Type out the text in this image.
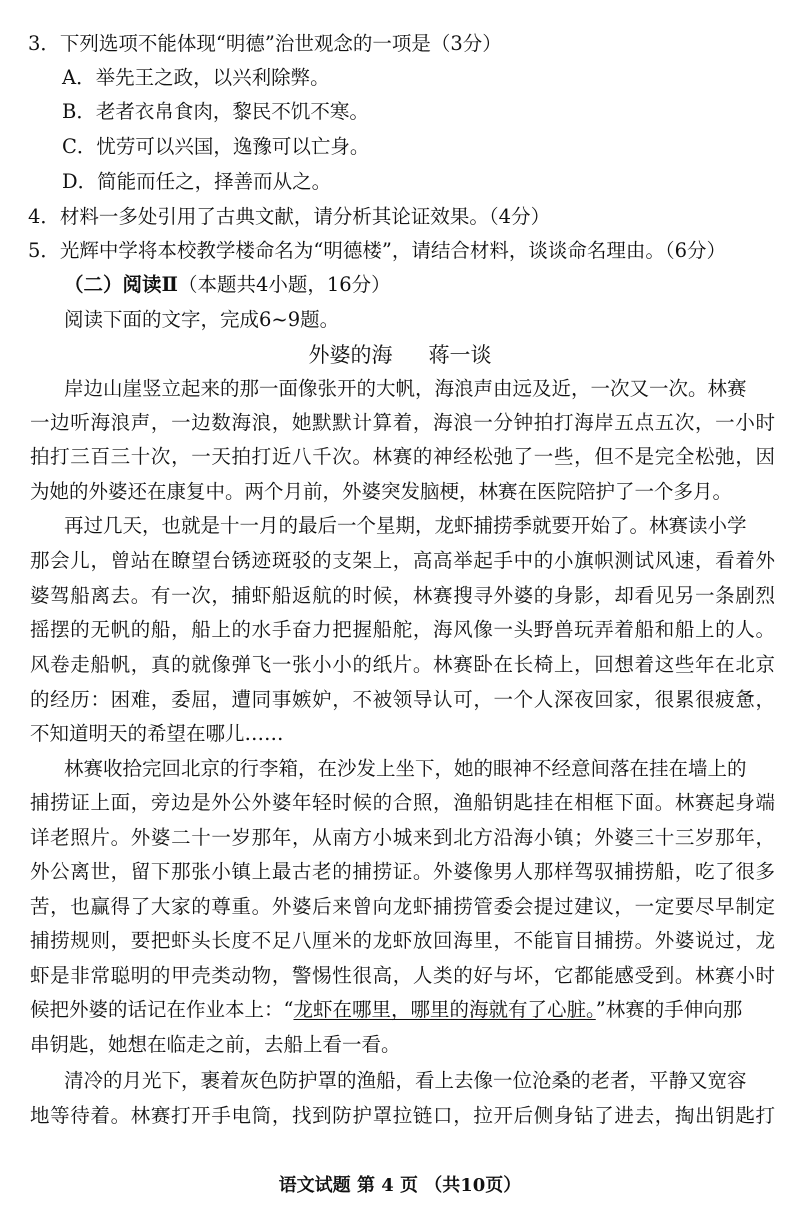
3．下列选项不能体现“明德”治世观念的一项是（3分）
A．举先王之政，以兴利除弊。
B．老者衣帛食肉，黎民不饥不寒。
C．忧劳可以兴国，逸豫可以亡身。
D．简能而任之，择善而从之。
4．材料一多处引用了古典文献，请分析其论证效果。（4分）
5．光辉中学将本校教学楼命名为“明德楼”，请结合材料，谈谈命名理由。（6分）
（二）阅读Ⅱ（本题共4小题，16分）
阅读下面的文字，完成6~9题。
外婆的海 蒋一谈
岸边山崖竖立起来的那一面像张开的大帆，海浪声由远及近，一次又一次。林赛
一边听海浪声，一边数海浪，她默默计算着，海浪一分钟拍打海岸五点五次，一小时
拍打三百三十次，一天拍打近八千次。林赛的神经松弛了一些，但不是完全松弛，因
为她的外婆还在康复中。两个月前，外婆突发脑梗，林赛在医院陪护了一个多月。
再过几天，也就是十一月的最后一个星期，龙虾捕捞季就要开始了。林赛读小学
那会儿，曾站在瞭望台锈迹斑驳的支架上，高高举起手中的小旗帜测试风速，看着外
婆驾船离去。有一次，捕虾船返航的时候，林赛搜寻外婆的身影，却看见另一条剧烈
摇摆的无帆的船，船上的水手奋力把握船舵，海风像一头野兽玩弄着船和船上的人。
风卷走船帆，真的就像弹飞一张小小的纸片。林赛卧在长椅上，回想着这些年在北京
的经历：困难，委屈，遭同事嫉妒，不被领导认可，一个人深夜回家，很累很疲惫，
不知道明天的希望在哪儿……
林赛收拾完回北京的行李箱，在沙发上坐下，她的眼神不经意间落在挂在墙上的
捕捞证上面，旁边是外公外婆年轻时候的合照，渔船钥匙挂在相框下面。林赛起身端
详老照片。外婆二十一岁那年，从南方小城来到北方沿海小镇；外婆三十三岁那年，
外公离世，留下那张小镇上最古老的捕捞证。外婆像男人那样驾驭捕捞船，吃了很多
苦，也赢得了大家的尊重。外婆后来曾向龙虾捕捞管委会提过建议，一定要尽早制定
捕捞规则，要把虾头长度不足八厘米的龙虾放回海里，不能盲目捕捞。外婆说过，龙
虾是非常聪明的甲壳类动物，警惕性很高，人类的好与坏，它都能感受到。林赛小时
候把外婆的话记在作业本上：“龙虾在哪里，哪里的海就有了心脏。”林赛的手伸向那
串钥匙，她想在临走之前，去船上看一看。
清冷的月光下，裹着灰色防护罩的渔船，看上去像一位沧桑的老者，平静又宽容
地等待着。林赛打开手电筒，找到防护罩拉链口，拉开后侧身钻了进去，掏出钥匙打
语文试题 第 4 页 （共10页）
